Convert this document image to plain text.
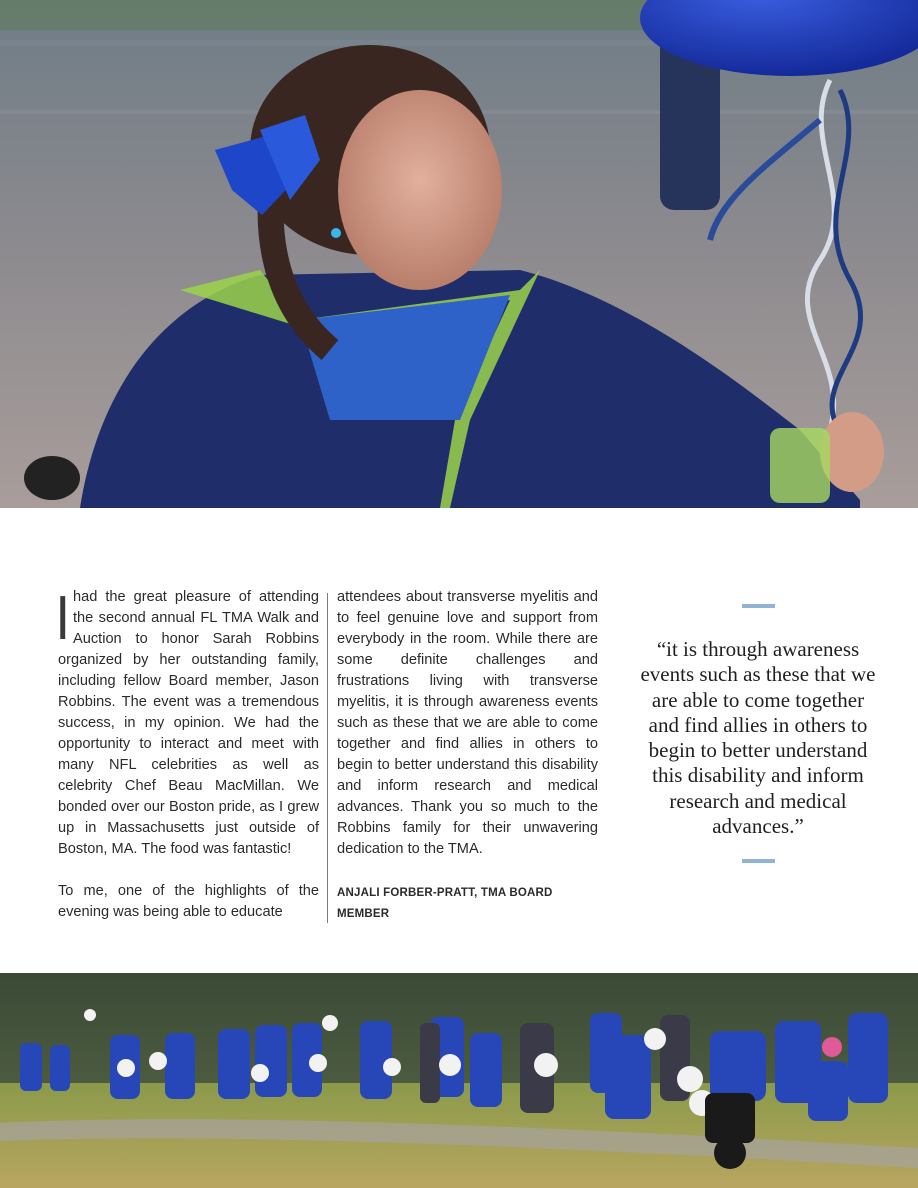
I had the great pleasure of attending the second annual FL TMA Walk and Auction to honor Sarah Robbins organized by her outstanding family, including fellow Board member, Jason Robbins. The event was a tremendous success, in my opinion. We had the opportunity to interact and meet with many NFL celebrities as well as celebrity Chef Beau MacMillan. We bonded over our Boston pride, as I grew up in Massachusetts just outside of Boston, MA. The food was fantastic!

To me, one of the highlights of the evening was being able to educate

attendees about transverse myelitis and to feel genuine love and support from everybody in the room. While there are some definite challenges and frustrations living with transverse myelitis, it is through awareness events such as these that we are able to come together and find allies in others to begin to better understand this disability and inform research and medical advances. Thank you so much to the Robbins family for their unwavering dedication to the TMA.

ANJALI FORBER-PRATT, TMA BOARD MEMBER
“it is through awareness events such as these that we are able to come together and find allies in others to begin to better understand this disability and inform research and medical advances.”
